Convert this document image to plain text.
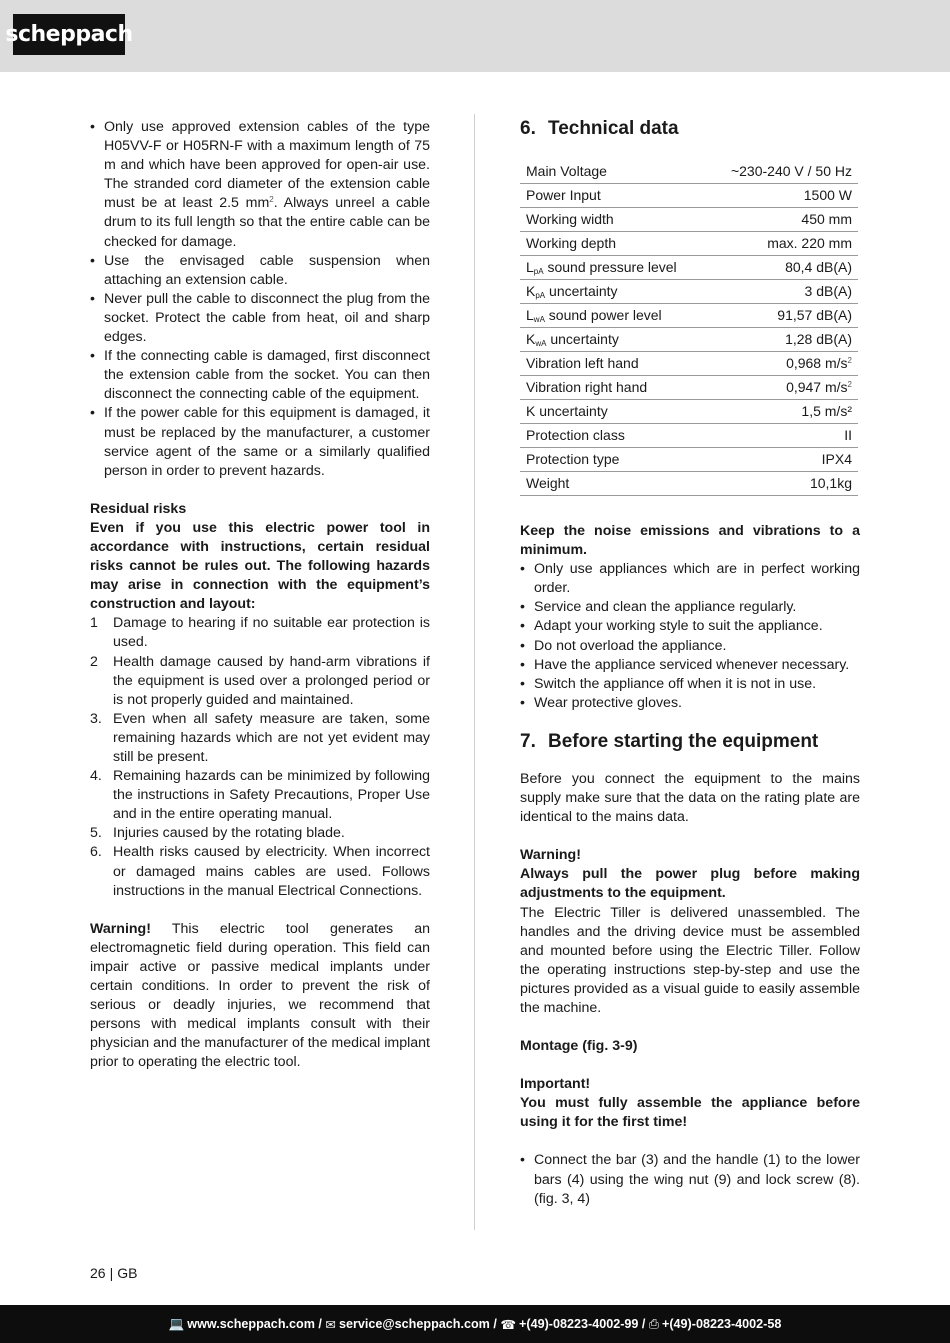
scheppach
• Only use approved extension cables of the type H05VV-F or H05RN-F with a maximum length of 75 m and which have been approved for open-air use. The stranded cord diameter of the extension cable must be at least 2.5 $mm^2$. Always unreel a cable drum to its full length so that the entire cable can be checked for damage.
• Use the envisaged cable suspension when attaching an extension cable.
• Never pull the cable to disconnect the plug from the socket. Protect the cable from heat, oil and sharp edges.
• If the connecting cable is damaged, first disconnect the extension cable from the socket. You can then disconnect the connecting cable of the equipment.
• If the power cable for this equipment is damaged, it must be replaced by the manufacturer, a customer service agent of the same or a similarly qualified person in order to prevent hazards.

Residual risks

Even if you use this electric power tool in accordance with instructions, certain residual risks cannot be rules out. The following hazards may arise in connection with the equipment’s construction and layout:

1	Damage to hearing if no suitable ear protection is used.
2	Health damage caused by hand-arm vibrations if the equipment is used over a prolonged period or is not properly guided and maintained.
3. Even when all safety measure are taken, some remaining hazards which are not yet evident may still be present.
4. Remaining hazards can be minimized by following the instructions in Safety Precautions, Proper Use and in the entire operating manual.
5. Injuries caused by the rotating blade.
6. Health risks caused by electricity. When incorrect or damaged mains cables are used. Follows instructions in the manual Electrical Connections.

Warning! This electric tool generates an electromagnetic field during operation. This field can impair active or passive medical implants under certain conditions. In order to prevent the risk of serious or deadly injuries, we recommend that persons with medical implants consult with their physician and the manufacturer of the medical implant prior to operating the electric tool.

6. Technical data
Main Voltage	~230-240 V / 50 Hz
Power Input	1500 W
Working width	450 mm
Working depth	max. 220 mm
$L_{pA}$ sound pressure level	80,4 dB(A)
$K_{pA}$ uncertainty	3 dB(A)
$L_{wA}$ sound power level	91,57 dB(A)
$K_{wA}$ uncertainty	1,28 dB(A)
Vibration left hand	0,968 $m/s^2$
Vibration right hand	0,947 $m/s^2$
K uncertainty	1,5 m/s²
Protection class	II
Protection type	IPX4
Weight	10,1kg

Keep the noise emissions and vibrations to a minimum.

• Only use appliances which are in perfect working order.
• Service and clean the appliance regularly.
• Adapt your working style to suit the appliance.
• Do not overload the appliance.
• Have the appliance serviced whenever necessary.
• Switch the appliance off when it is not in use.
• Wear protective gloves.
7. Before starting the equipment

Before you connect the equipment to the mains supply make sure that the data on the rating plate are identical to the mains data.

Warning!

Always pull the power plug before making adjustments to the equipment.

The Electric Tiller is delivered unassembled. The handles and the driving device must be assembled and mounted before using the Electric Tiller. Follow the operating instructions step-by-step and use the pictures provided as a visual guide to easily assemble the machine.

Montage (fig. 3-9)

Important!

You must fully assemble the appliance before using it for the first time!

• Connect the bar (3) and the handle (1) to the lower bars (4) using the wing nut (9) and lock screw (8). (fig. 3, 4)
26 | GB
💻 www.scheppach.com /
✉ service@scheppach.com /
☎ +(49)-08223-4002-99 /
⎙ +(49)-08223-4002-58
